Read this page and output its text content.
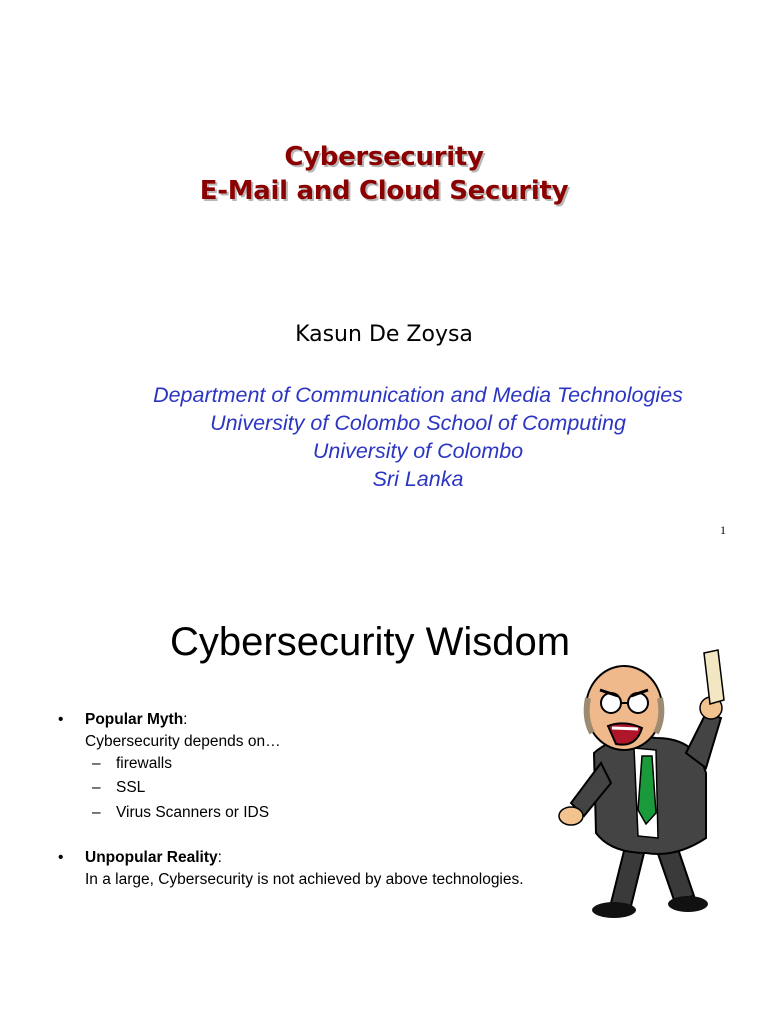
Cybersecurity
E-Mail and Cloud Security
Kasun De Zoysa
Department of Communication and Media Technologies
University of Colombo School of Computing
University of Colombo
Sri Lanka
1
Cybersecurity Wisdom
• Popular Myth:
Cybersecurity depends on…
– firewalls
– SSL
– Virus Scanners or IDS
• Unpopular Reality:
In a large, Cybersecurity is not achieved by above technologies.
